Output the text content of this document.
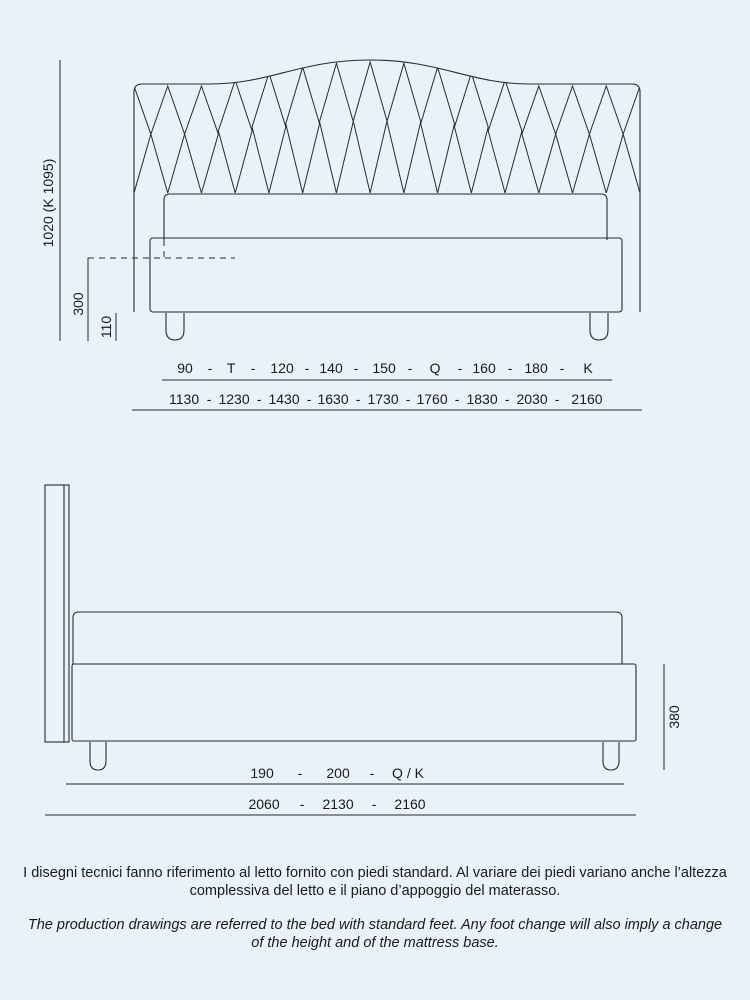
1020 (K 1095)
300
110
90 - T - 120 - 140 - 150 - Q - 160 - 180 - K
1130 - 1230 - 1430 - 1630 - 1730 - 1760 - 1830 - 2030 - 2160
380
190 - 200 - Q / K
2060 - 2130 - 2160

I disegni tecnici fanno riferimento al letto fornito con piedi standard. Al variare dei piedi variano anche l’altezza complessiva del letto e il piano d’appoggio del materasso.

The production drawings are referred to the bed with standard feet. Any foot change will also imply a change of the height and of the mattress base.
